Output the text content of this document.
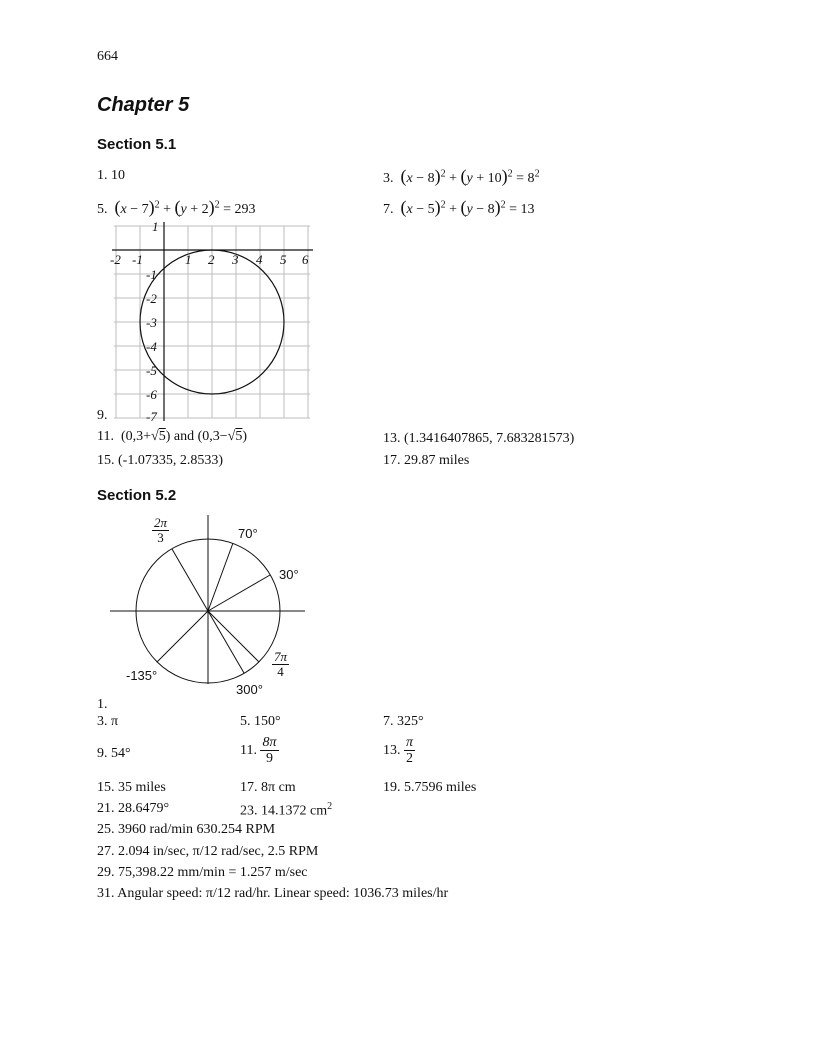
664
Chapter 5
Section 5.1
1. 10	3. $(x - 8)^2 + (y + 10)^2 = 8^2$
5. $(x - 7)^2 + (y + 2)^2 = 293$	7. $(x - 5)^2 + (y - 8)^2 = 13$
-2 -1	1 2 3 4 5 6
1
-1
-2
-3
-4
-5
-6
-7
9.
11.  (0,3+√5) and (0,3−√5)	13. (1.3416407865, 7.683281573)
15. (-1.07335, 2.8533)	17. 29.87 miles
Section 5.2
$\frac{2\pi}{3}$	70°
30°
$\frac{7\pi}{4}$
-135°
300°
1.
3. π	5. 150°	7. 325°
9. 54°	11. $\frac{8\pi}{9}$	13. $\frac{\pi}{2}$
15. 35 miles	17. 8π cm	19. 5.7596 miles
21. 28.6479°	23. 14.1372 $cm^2$
25. 3960 rad/min 630.254 RPM
27. 2.094 in/sec, π/12 rad/sec, 2.5 RPM
29. 75,398.22 mm/min = 1.257 m/sec
31. Angular speed: π/12 rad/hr. Linear speed: 1036.73 miles/hr
